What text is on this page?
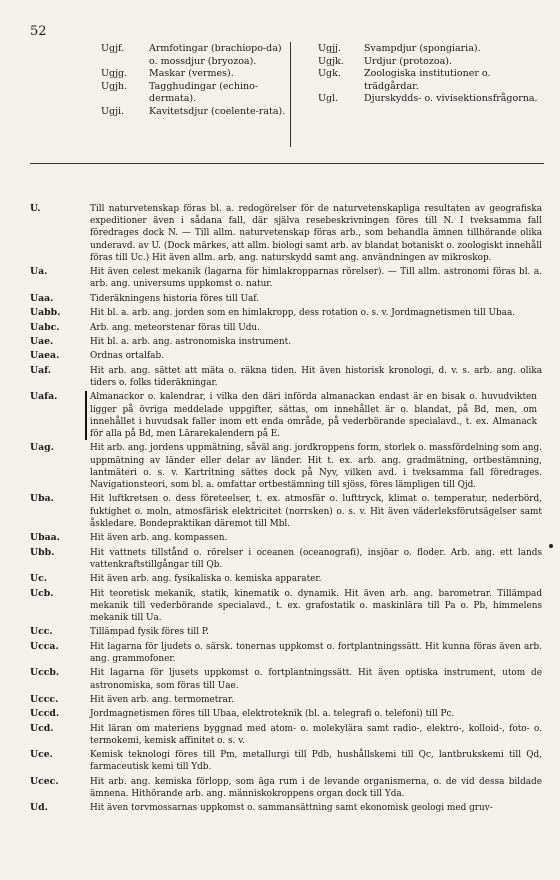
52
Ugjf.	Armfotingar (brachiopo-da) o. mossdjur (bryozoa).
Ugjg.	Maskar (vermes).
Ugjh.	Tagghudingar (echino-dermata).
Ugji.	Kavitetsdjur (coelente-rata).
Ugjj.	Svampdjur (spongiaria).
Ugjk.	Urdjur (protozoa).
Ugk.	Zoologiska institutioner o. trädgårdar.
Ugl.	Djurskydds- o. vivisektionsfrågorna.
U.	Till naturvetenskap föras bl. a. redogörelser för de naturvetenskapliga resultaten av geografiska expeditioner även i sådana fall, där själva resebeskrivningen föres till N. I tveksamma fall föredrages dock N. — Till allm. naturvetenskap föras arb., som behandla ämnen tillhörande olika underavd. av U. (Dock märkes, att allm. biologi samt arb. av blandat botaniskt o. zoologiskt innehåll föras till Uc.) Hit även allm. arb. ang. naturskydd samt ang. användningen av mikroskop.
Ua.	Hit även celest mekanik (lagarna för himlakropparnas rörelser). — Till allm. astronomi föras bl. a. arb. ang. universums uppkomst o. natur.
Uaa.	Tideräkningens historia föres till Uaf.
Uabb.	Hit bl. a. arb. ang. jorden som en himlakropp, dess rotation o. s. v. Jordmagnetismen till Ubaa.
Uabc.	Arb. ang. meteorstenar föras till Udu.
Uae.	Hit bl. a. arb. ang. astronomiska instrument.
Uaea.	Ordnas ortalfab.
Uaf.	Hit arb. ang. sättet att mäta o. räkna tiden. Hit även historisk kronologi, d. v. s. arb. ang. olika tiders o. folks tideräkningar.
Uafa.	Almanackor o. kalendrar, i vilka den däri införda almanackan endast är en bisak o. huvudvikten ligger på övriga meddelade uppgifter, sättas, om innehållet är o. blandat, på Bd, men, om innehållet i huvudsak faller inom ett enda område, på vederbörande specialavd., t. ex. Almanack för alla på Bd, men Lärarekalendern på E.
Uag.	Hit arb. ang. jordens uppmätning, såväl ang. jordkroppens form, storlek o. massfördelning som ang. uppmätning av länder eller delar av länder. Hit t. ex. arb. ang. gradmätning, ortbestämning, lantmäteri o. s. v. Kartritning sättes dock på Nyv, vilken avd. i tveksamma fall föredrages. Navigationsteori, som bl. a. omfattar ortbestämning till sjöss, föres lämpligen till Qjd.
Uba.	Hit luftkretsen o. dess företeelser, t. ex. atmosfär o. lufttryck, klimat o. temperatur, nederbörd, fuktighet o. moln, atmosfärisk elektricitet (norrsken) o. s. v. Hit även väderleksförutsägelser samt åskledare. Bondepraktikan däremot till Mbl.
Ubaa.	Hit även arb. ang. kompassen.
Ubb.	Hit vattnets tillstånd o. rörelser i oceanen (oceanografi), insjöar o. floder. Arb. ang. ett lands vattenkraftstillgångar till Qb.
Uc.	Hit även arb. ang. fysikaliska o. kemiska apparater.
Ucb.	Hit teoretisk mekanik, statik, kinematik o. dynamik. Hit även arb. ang. barometrar. Tillämpad mekanik till vederbörande specialavd., t. ex. grafostatik o. maskinlära till Pa o. Pb, himmelens mekanik till Ua.
Ucc.	Tillämpad fysik föres till P.
Ucca.	Hit lagarna för ljudets o. särsk. tonernas uppkomst o. fortplantningssätt. Hit kunna föras även arb. ang. grammofoner.
Uccb.	Hit lagarna för ljusets uppkomst o. fortplantningssätt. Hit även optiska instrument, utom de astronomiska, som föras till Uae.
Uccc.	Hit även arb. ang. termometrar.
Uccd.	Jordmagnetismen föres till Ubaa, elektroteknik (bl. a. telegrafi o. telefoni) till Pc.
Ucd.	Hit läran om materiens byggnad med atom- o. molekylära samt radio-, elektro-, kolloid-, foto- o. termokemi, kemisk affinitet o. s. v.
Uce.	Kemisk teknologi föres till Pm, metallurgi till Pdb, hushållskemi till Qc, lantbrukskemi till Qd, farmaceutisk kemi till Ydb.
Ucec.	Hit arb. ang. kemiska förlopp, som äga rum i de levande organismerna, o. de vid dessa bildade ämnena. Hithörande arb. ang. människokroppens organ dock till Yda.
Ud.	Hit även torvmossarnas uppkomst o. sammansättning samt ekonomisk geologi med gruv-
